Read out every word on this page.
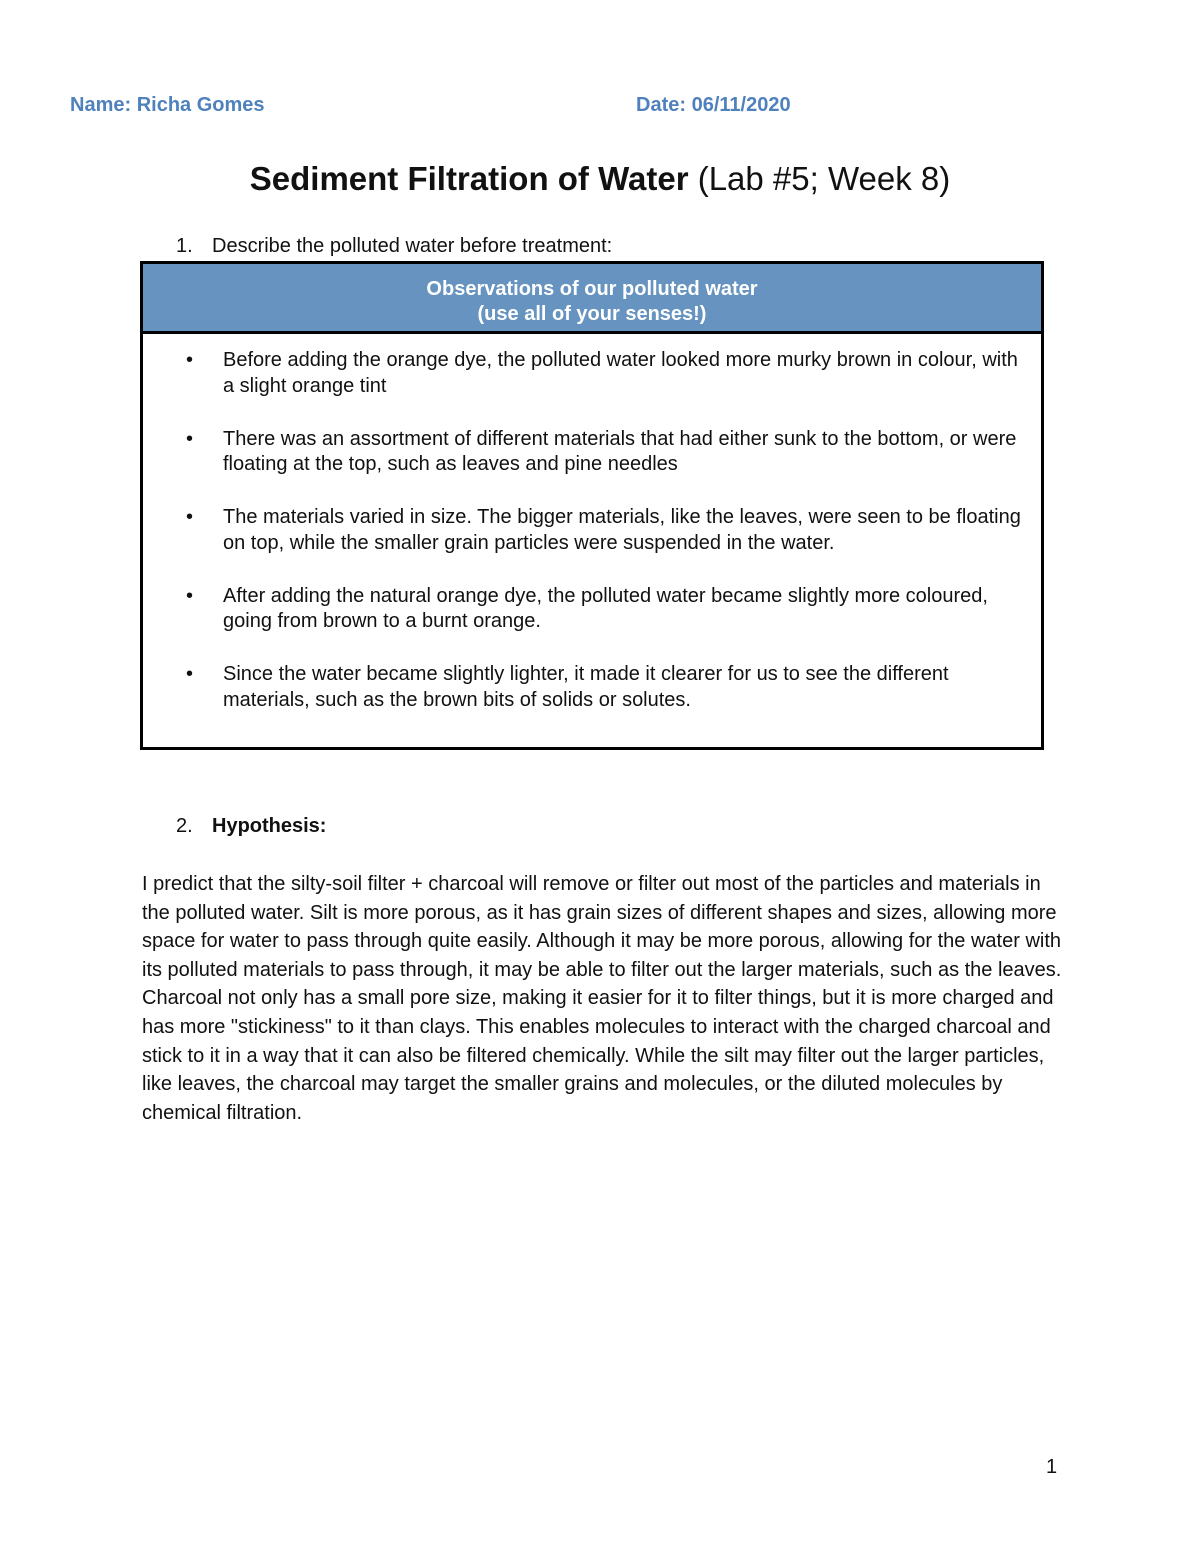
Name: Richa Gomes	Date: 06/11/2020
Sediment Filtration of Water (Lab #5; Week 8)
1. Describe the polluted water before treatment:
Observations of our polluted water
(use all of your senses!)
• Before adding the orange dye, the polluted water looked more murky brown in colour, with a slight orange tint
• There was an assortment of different materials that had either sunk to the bottom, or were floating at the top, such as leaves and pine needles
• The materials varied in size. The bigger materials, like the leaves, were seen to be floating on top, while the smaller grain particles were suspended in the water.
• After adding the natural orange dye, the polluted water became slightly more coloured, going from brown to a burnt orange.
• Since the water became slightly lighter, it made it clearer for us to see the different materials, such as the brown bits of solids or solutes.
2. Hypothesis:

I predict that the silty-soil filter + charcoal will remove or filter out most of the particles and materials in the polluted water. Silt is more porous, as it has grain sizes of different shapes and sizes, allowing more space for water to pass through quite easily. Although it may be more porous, allowing for the water with its polluted materials to pass through, it may be able to filter out the larger materials, such as the leaves. Charcoal not only has a small pore size, making it easier for it to filter things, but it is more charged and has more "stickiness" to it than clays. This enables molecules to interact with the charged charcoal and stick to it in a way that it can also be filtered chemically. While the silt may filter out the larger particles, like leaves, the charcoal may target the smaller grains and molecules, or the diluted molecules by chemical filtration.

1
